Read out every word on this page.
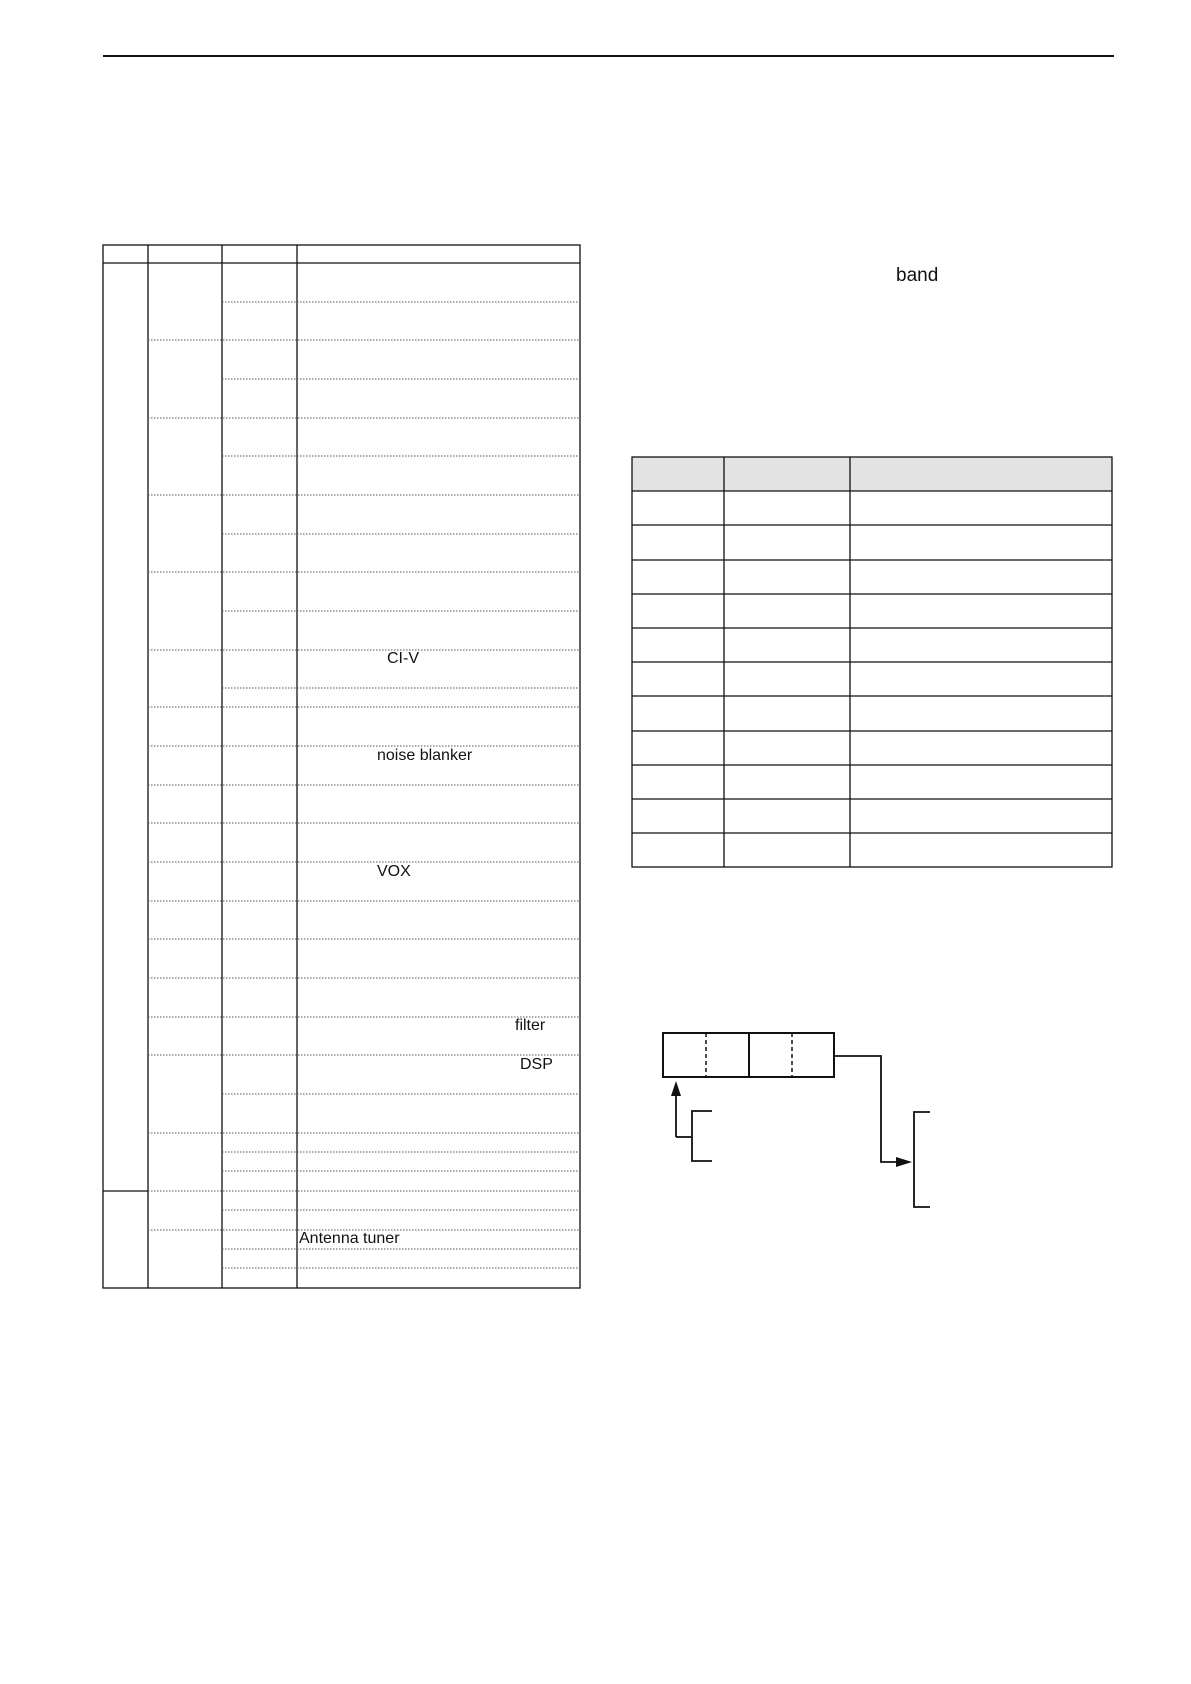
CI-V
noise blanker
VOX
filter
DSP
Antenna tuner
band
